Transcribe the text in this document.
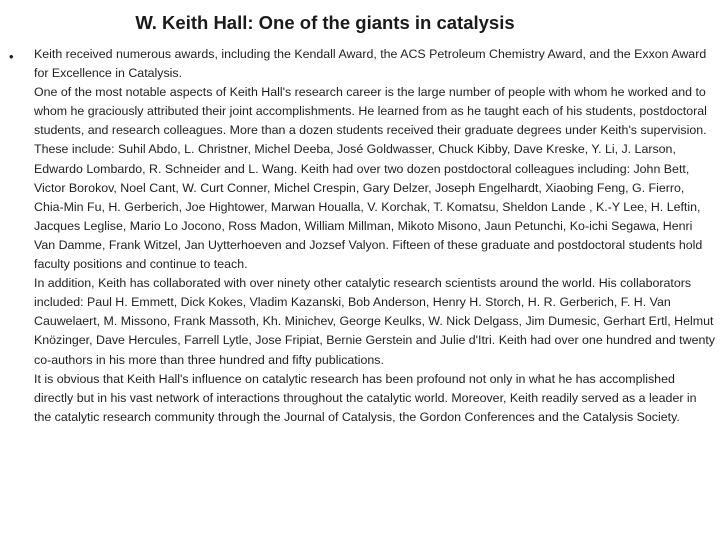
W. Keith Hall: One of the giants in catalysis
• Keith received numerous awards, including the Kendall Award, the ACS Petroleum Chemistry Award, and the Exxon Award for Excellence in Catalysis.

One of the most notable aspects of Keith Hall's research career is the large number of people with whom he worked and to whom he graciously attributed their joint accomplishments. He learned from as he taught each of his students, postdoctoral students, and research colleagues. More than a dozen students received their graduate degrees under Keith's supervision. These include: Suhil Abdo, L. Christner, Michel Deeba, José Goldwasser, Chuck Kibby, Dave Kreske, Y. Li, J. Larson, Edwardo Lombardo, R. Schneider and L. Wang. Keith had over two dozen postdoctoral colleagues including: John Bett, Victor Borokov, Noel Cant, W. Curt Conner, Michel Crespin, Gary Delzer, Joseph Engelhardt, Xiaobing Feng, G. Fierro, Chia-Min Fu, H. Gerberich, Joe Hightower, Marwan Houalla, V. Korchak, T. Komatsu, Sheldon Lande , K.-Y Lee, H. Leftin, Jacques Leglise, Mario Lo Jocono, Ross Madon, William Millman, Mikoto Misono, Jaun Petunchi, Ko-ichi Segawa, Henri Van Damme, Frank Witzel, Jan Uytterhoeven and Jozsef Valyon. Fifteen of these graduate and postdoctoral students hold faculty positions and continue to teach.

In addition, Keith has collaborated with over ninety other catalytic research scientists around the world. His collaborators included: Paul H. Emmett, Dick Kokes, Vladim Kazanski, Bob Anderson, Henry H. Storch, H. R. Gerberich, F. H. Van Cauwelaert, M. Missono, Frank Massoth, Kh. Minichev, George Keulks, W. Nick Delgass, Jim Dumesic, Gerhart Ertl, Helmut Knözinger, Dave Hercules, Farrell Lytle, Jose Fripiat, Bernie Gerstein and Julie d'Itri. Keith had over one hundred and twenty co-authors in his more than three hundred and fifty publications.

It is obvious that Keith Hall's influence on catalytic research has been profound not only in what he has accomplished directly but in his vast network of interactions throughout the catalytic world. Moreover, Keith readily served as a leader in the catalytic research community through the Journal of Catalysis, the Gordon Conferences and the Catalysis Society.
